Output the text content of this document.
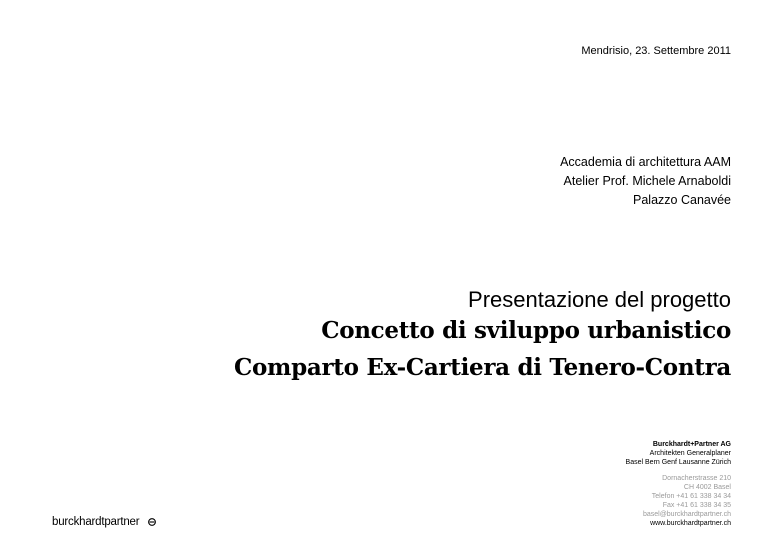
Mendrisio, 23. Settembre 2011
Accademia di architettura AAM
Atelier Prof. Michele Arnaboldi
Palazzo Canavée
Presentazione del progetto
Concetto di sviluppo urbanistico
Comparto Ex-Cartiera di Tenero-Contra
Burckhardt+Partner AG
Architekten Generalplaner
Basel Bern Genf Lausanne Zürich
Dornacherstrasse 210
CH 4002 Basel
Telefon +41 61 338 34 34
Fax +41 61 338 34 35
basel@burckhardtpartner.ch
www.burckhardtpartner.ch
burckhardtpartner
